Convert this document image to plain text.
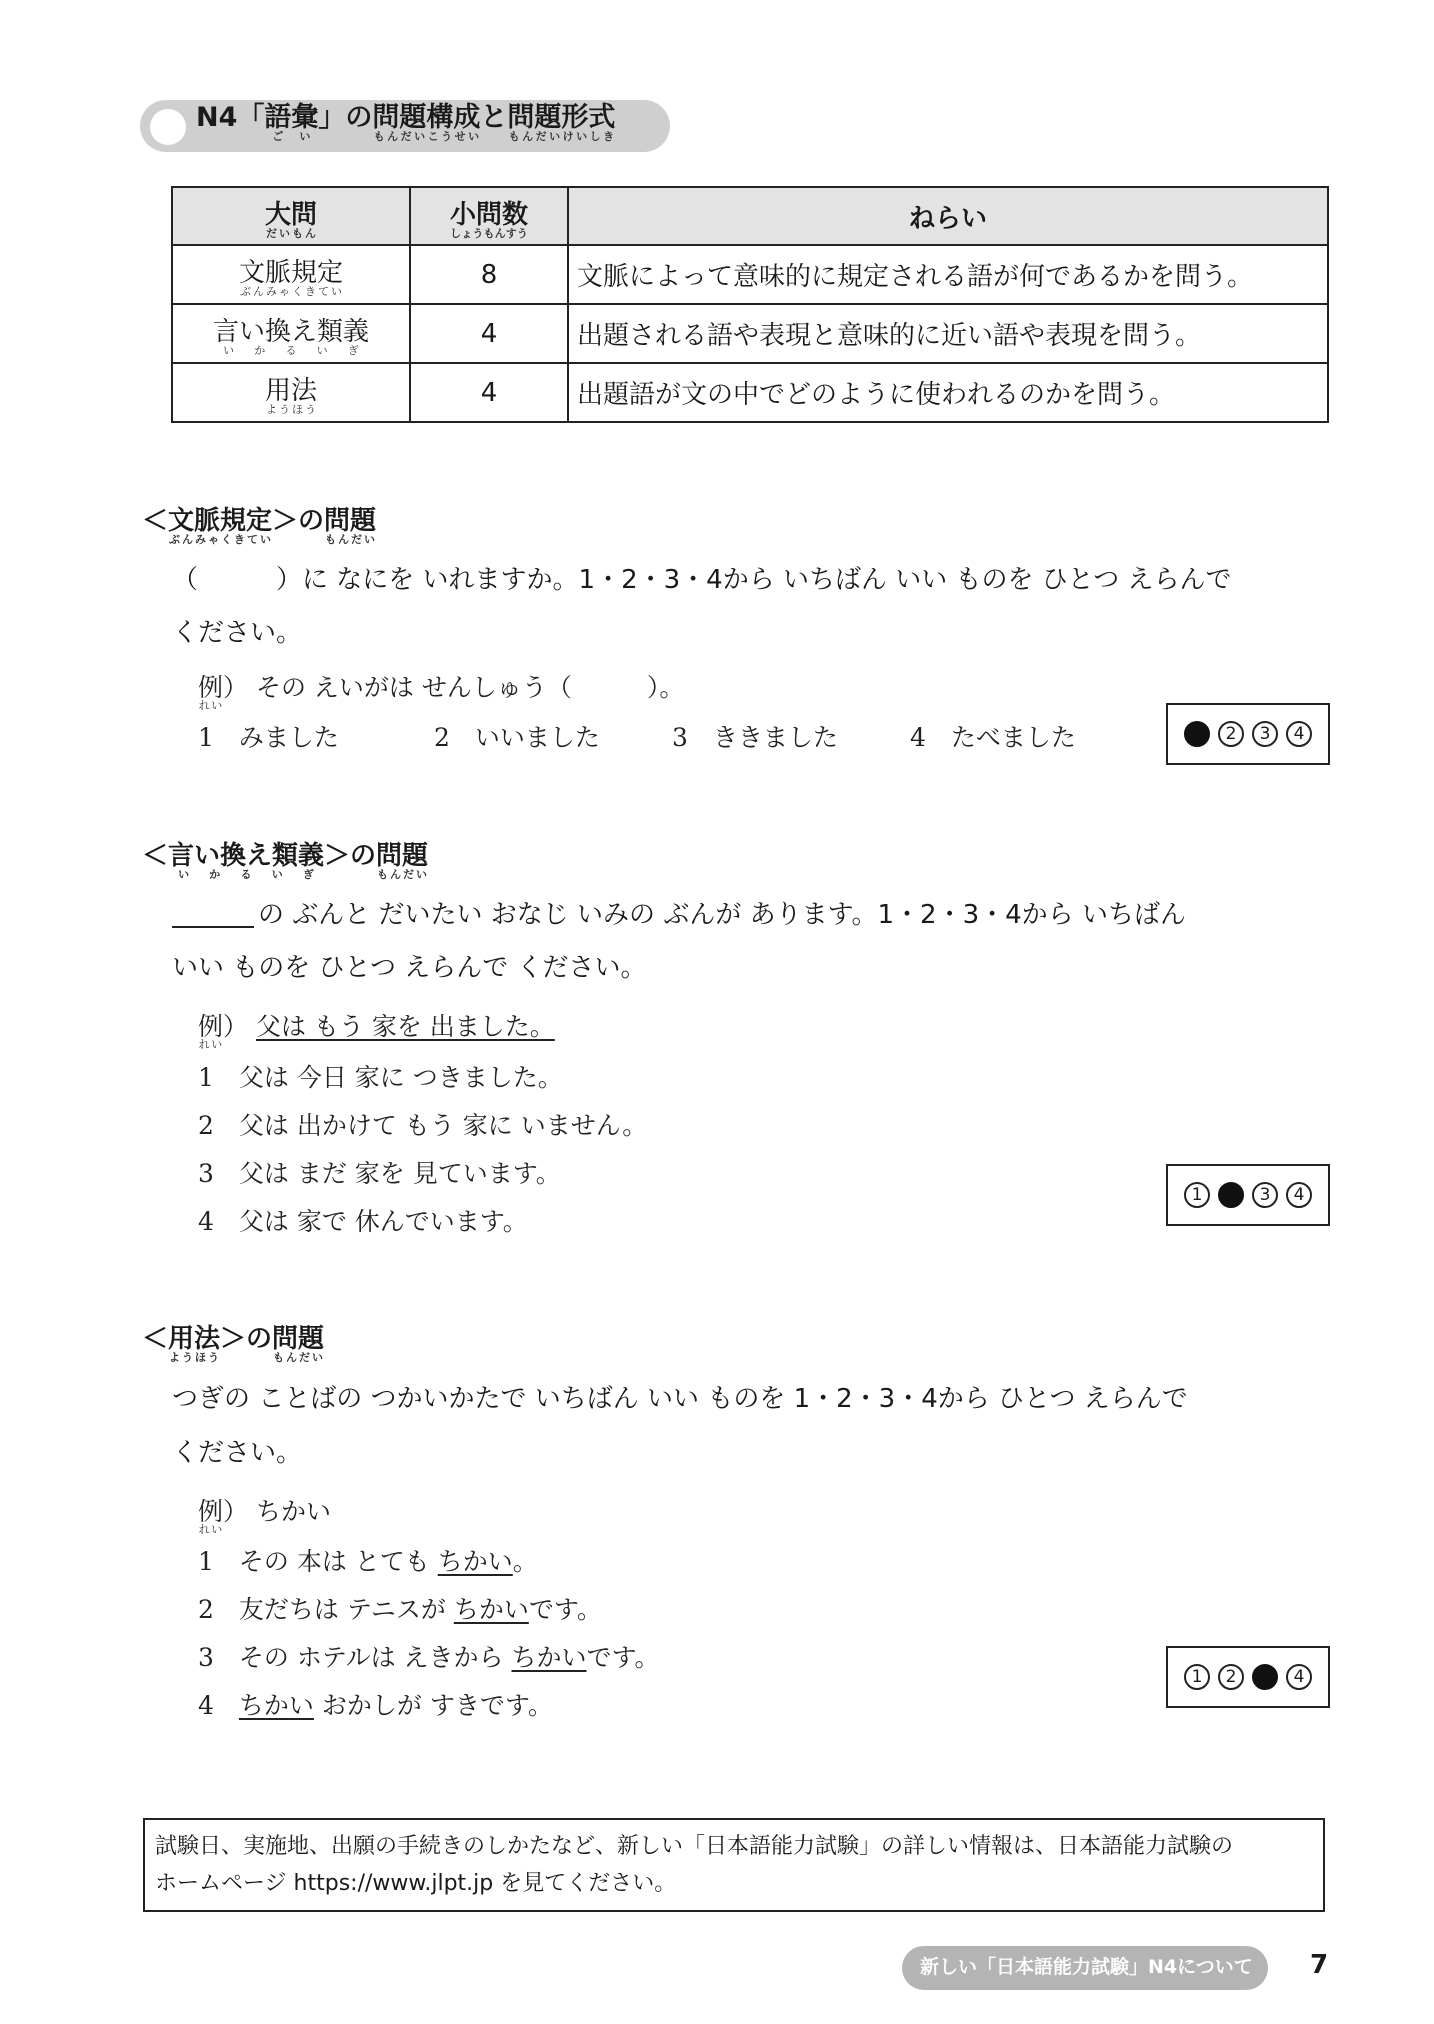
N4「語彙ごい」の問題もんだい構成こうせいと問題もんだい形式けいしき
大問だいもん	小問数しょうもんすう	ねらい
文脈規定ぶんみゃくきてい	8	文脈によって意味的に規定される語が何であるかを問う。
言い換え類義いかるいぎ	4	出題される語や表現と意味的に近い語や表現を問う。
用法ようほう	4	出題語が文の中でどのように使われるのかを問う。
＜文脈規定ぶんみゃくきてい＞の問題もんだい
（　　　）に なにを いれますか。1・2・3・4から いちばん いい ものを ひとつ えらんで
ください。
例れい） その えいがは せんしゅう（　　　）。
1　みました	2　いいました	3　ききました	4　たべました	1	2	3	4
＜言い換え類義いかるいぎ＞の問題もんだい
の ぶんと だいたい おなじ いみの ぶんが あります。1・2・3・4から いちばん
いい ものを ひとつ えらんで ください。
例れい） 父は もう 家を 出ました。
1　父は 今日 家に つきました。
2　父は 出かけて もう 家に いません。
3　父は まだ 家を 見ています。
4　父は 家で 休んでいます。
1	2	3	4
＜用法ようほう＞の問題もんだい
つぎの ことばの つかいかたで いちばん いい ものを 1・2・3・4から ひとつ えらんで
ください。
例れい） ちかい
1　その 本は とても ちかい。
2　友だちは テニスが ちかいです。
3　その ホテルは えきから ちかいです。
4　ちかい おかしが すきです。
1	2	3	4
試験日、実施地、出願の手続きのしかたなど、新しい「日本語能力試験」の詳しい情報は、日本語能力試験の
ホームページ https://www.jlpt.jp を見てください。
新しい「日本語能力試験」N4について 7
